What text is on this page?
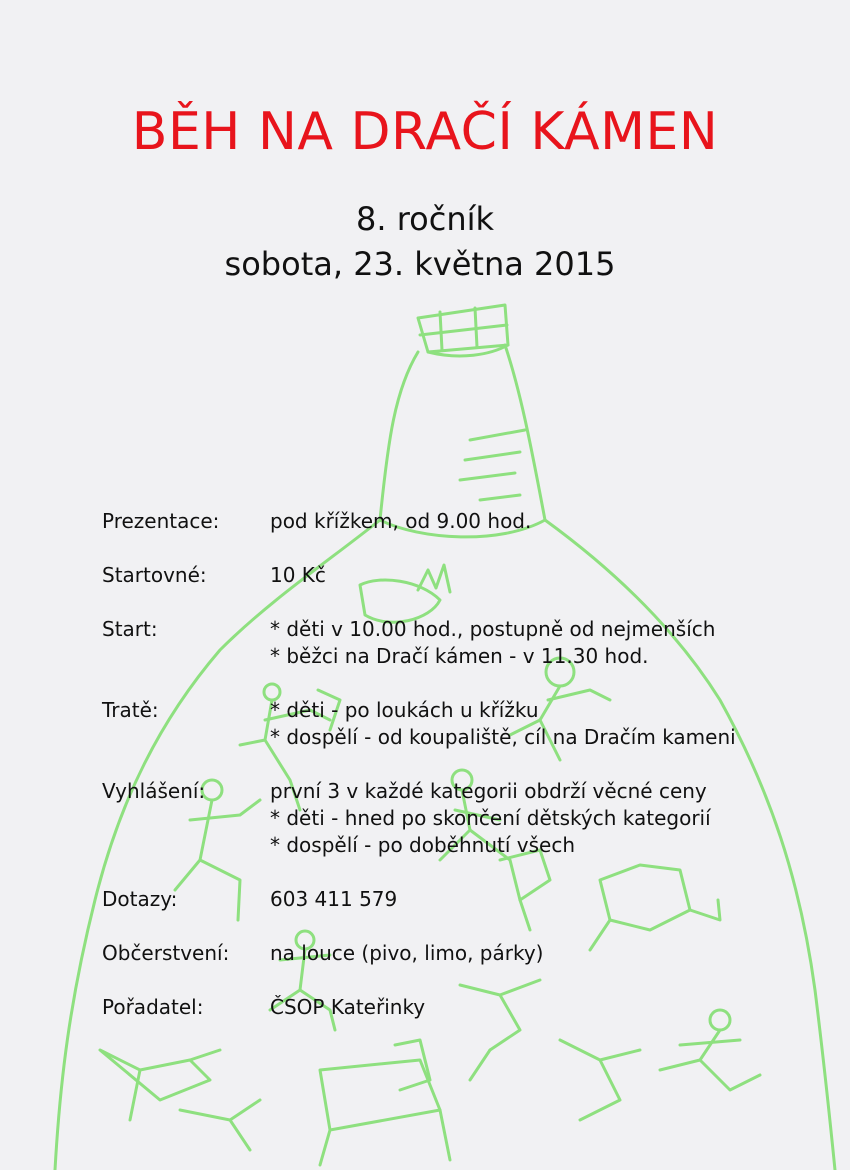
BĚH NA DRAČÍ KÁMEN
8. ročník
sobota, 23. května 2015
Prezentace:	pod křížkem, od 9.00 hod.
Startovné:	10 Kč
Start:	* děti v 10.00 hod., postupně od nejmenších
* běžci na Dračí kámen - v 11.30 hod.
Tratě:	* děti - po loukách u křížku
* dospělí - od koupaliště, cíl na Dračím kameni
Vyhlášení:	první 3 v každé kategorii obdrží věcné ceny
* děti - hned po skončení dětských kategorií
* dospělí - po doběhnutí všech
Dotazy:	603 411 579
Občerstvení:	na louce (pivo, limo, párky)
Pořadatel:	ČSOP Kateřinky
